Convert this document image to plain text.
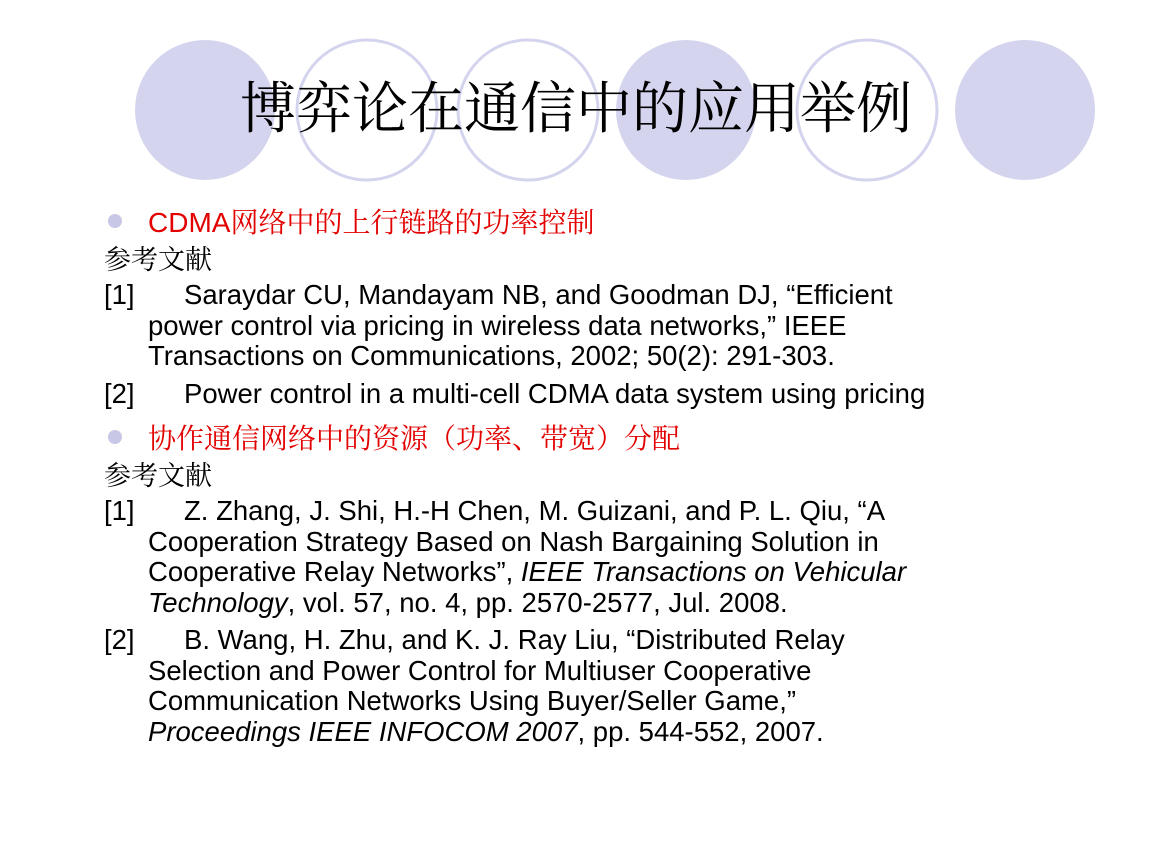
博弈论在通信中的应用举例
CDMA网络中的上行链路的功率控制
参考文献
[1]	Saraydar CU, Mandayam NB, and Goodman DJ, “Efficient
power control via pricing in wireless data networks,” IEEE
Transactions on Communications, 2002; 50(2): 291-303.
[2]	Power control in a multi-cell CDMA data system using pricing
协作通信网络中的资源（功率、带宽）分配
参考文献
[1]	Z. Zhang, J. Shi, H.-H Chen, M. Guizani, and P. L. Qiu, “A
Cooperation Strategy Based on Nash Bargaining Solution in
Cooperative Relay Networks”, IEEE Transactions on Vehicular
Technology, vol. 57, no. 4, pp. 2570-2577, Jul. 2008.
[2]	B. Wang, H. Zhu, and K. J. Ray Liu, “Distributed Relay
Selection and Power Control for Multiuser Cooperative
Communication Networks Using Buyer/Seller Game,”
Proceedings IEEE INFOCOM 2007, pp. 544-552, 2007.
